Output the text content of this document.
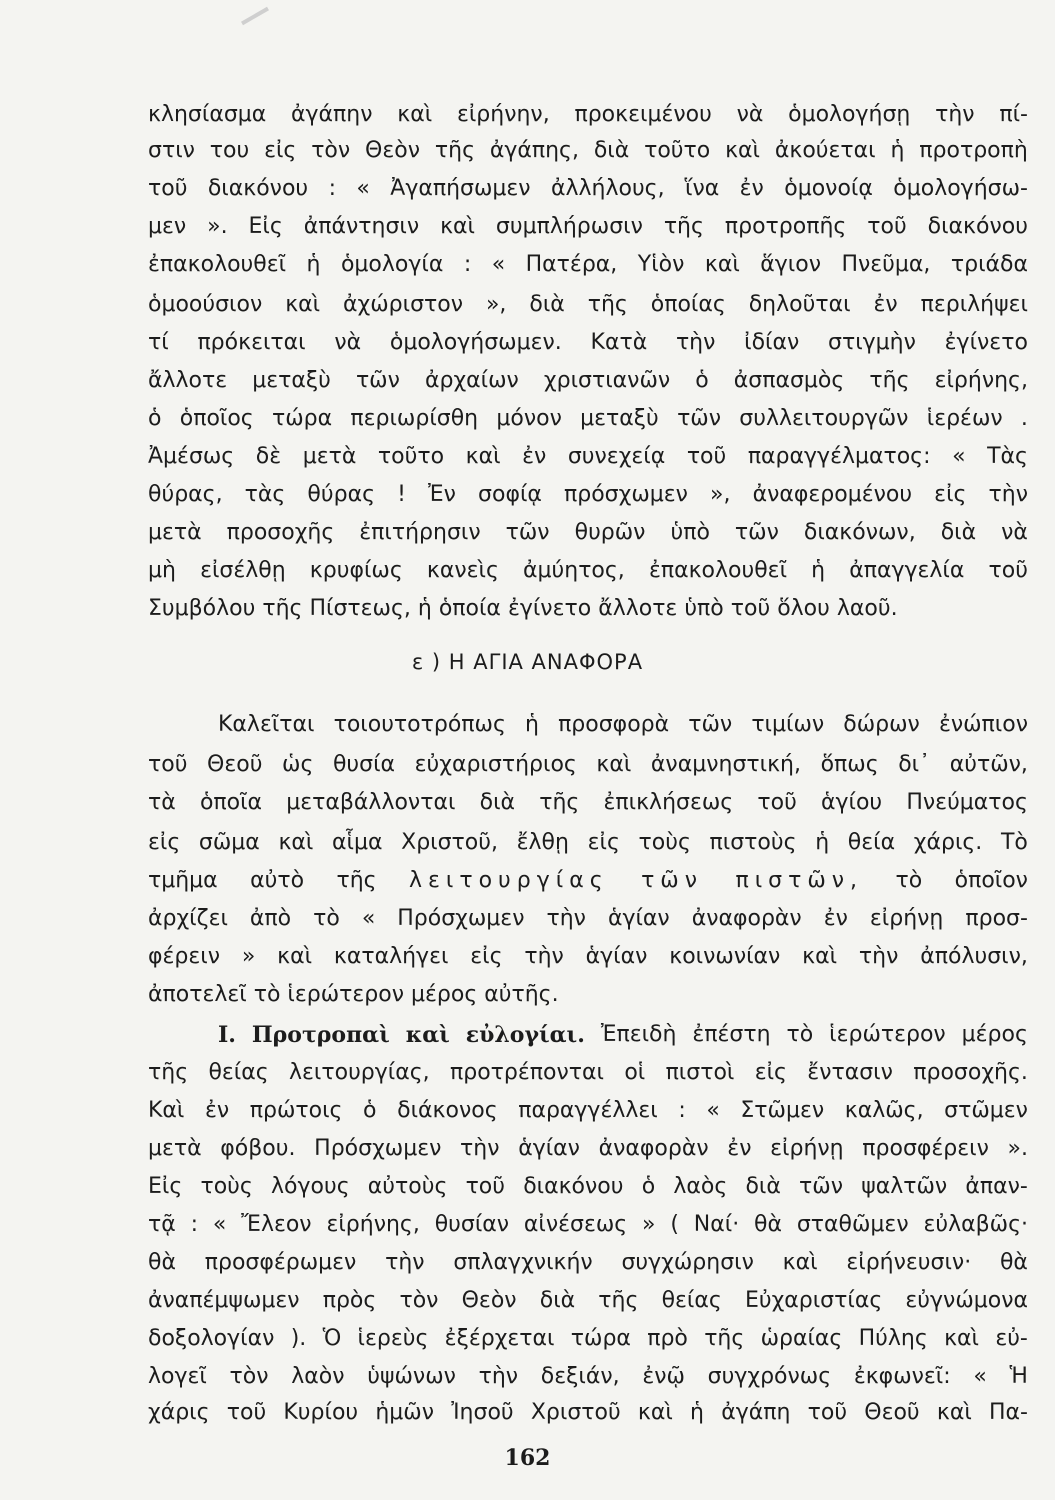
κλησίασμα ἀγάπην καὶ εἰρήνην, προκειμένου νὰ ὁμολογήσῃ τὴν πί-
στιν του εἰς τὸν Θεὸν τῆς ἀγάπης, διὰ τοῦτο καὶ ἀκούεται ἡ προτροπὴ
τοῦ διακόνου : « Ἀγαπήσωμεν ἀλλήλους, ἵνα ἐν ὁμονοίᾳ ὁμολογήσω-
μεν ». Εἰς ἀπάντησιν καὶ συμπλήρωσιν τῆς προτροπῆς τοῦ διακόνου
ἐπακολουθεῖ ἡ ὁμολογία : « Πατέρα, Υἱὸν καὶ ἅγιον Πνεῦμα, τριάδα
ὁμοούσιον καὶ ἀχώριστον », διὰ τῆς ὁποίας δηλοῦται ἐν περιλήψει
τί πρόκειται νὰ ὁμολογήσωμεν. Κατὰ τὴν ἰδίαν στιγμὴν ἐγίνετο
ἄλλοτε μεταξὺ τῶν ἀρχαίων χριστιανῶν ὁ ἀσπασμὸς τῆς εἰρήνης,
ὁ ὁποῖος τώρα περιωρίσθη μόνον μεταξὺ τῶν συλλειτουργῶν ἱερέων .
Ἀμέσως δὲ μετὰ τοῦτο καὶ ἐν συνεχείᾳ τοῦ παραγγέλματος: « Τὰς
θύρας, τὰς θύρας ! Ἐν σοφίᾳ πρόσχωμεν », ἀναφερομένου εἰς τὴν
μετὰ προσοχῆς ἐπιτήρησιν τῶν θυρῶν ὑπὸ τῶν διακόνων, διὰ νὰ
μὴ εἰσέλθῃ κρυφίως κανεὶς ἀμύητος, ἐπακολουθεῖ ἡ ἀπαγγελία τοῦ
Συμβόλου τῆς Πίστεως, ἡ ὁποία ἐγίνετο ἄλλοτε ὑπὸ τοῦ ὅλου λαοῦ.
Καλεῖται τοιουτοτρόπως ἡ προσφορὰ τῶν τιμίων δώρων ἐνώπιον
τοῦ Θεοῦ ὡς θυσία εὐχαριστήριος καὶ ἀναμνηστική, ὅπως δι᾽ αὐτῶν,
τὰ ὁποῖα μεταβάλλονται διὰ τῆς ἐπικλήσεως τοῦ ἁγίου Πνεύματος
εἰς σῶμα καὶ αἷμα Χριστοῦ, ἔλθῃ εἰς τοὺς πιστοὺς ἡ θεία χάρις. Τὸ
τμῆμα αὐτὸ τῆς λειτουργίας τῶν πιστῶν, τὸ ὁποῖον
ἀρχίζει ἀπὸ τὸ « Πρόσχωμεν τὴν ἁγίαν ἀναφορὰν ἐν εἰρήνῃ προσ-
φέρειν » καὶ καταλήγει εἰς τὴν ἁγίαν κοινωνίαν καὶ τὴν ἀπόλυσιν,
ἀποτελεῖ τὸ ἱερώτερον μέρος αὐτῆς.
I. Προτροπαὶ καὶ εὐλογίαι. Ἐπειδὴ ἐπέστη τὸ ἱερώτερον μέρος
τῆς θείας λειτουργίας, προτρέπονται οἱ πιστοὶ εἰς ἔντασιν προσοχῆς.
Καὶ ἐν πρώτοις ὁ διάκονος παραγγέλλει : « Στῶμεν καλῶς, στῶμεν
μετὰ φόβου. Πρόσχωμεν τὴν ἁγίαν ἀναφορὰν ἐν εἰρήνῃ προσφέρειν ».
Εἰς τοὺς λόγους αὐτοὺς τοῦ διακόνου ὁ λαὸς διὰ τῶν ψαλτῶν ἀπαν-
τᾷ : « Ἔλεον εἰρήνης, θυσίαν αἰνέσεως » ( Ναί· θὰ σταθῶμεν εὐλαβῶς·
θὰ προσφέρωμεν τὴν σπλαγχνικήν συγχώρησιν καὶ εἰρήνευσιν· θὰ
ἀναπέμψωμεν πρὸς τὸν Θεὸν διὰ τῆς θείας Εὐχαριστίας εὐγνώμονα
δοξολογίαν ). Ὁ ἱερεὺς ἐξέρχεται τώρα πρὸ τῆς ὡραίας Πύλης καὶ εὐ-
λογεῖ τὸν λαὸν ὑψώνων τὴν δεξιάν, ἐνῷ συγχρόνως ἐκφωνεῖ: « Ἡ
χάρις τοῦ Κυρίου ἡμῶν Ἰησοῦ Χριστοῦ καὶ ἡ ἀγάπη τοῦ Θεοῦ καὶ Πα-
ε ) Η ΑΓΙΑ ΑΝΑΦΟΡΑ
162
